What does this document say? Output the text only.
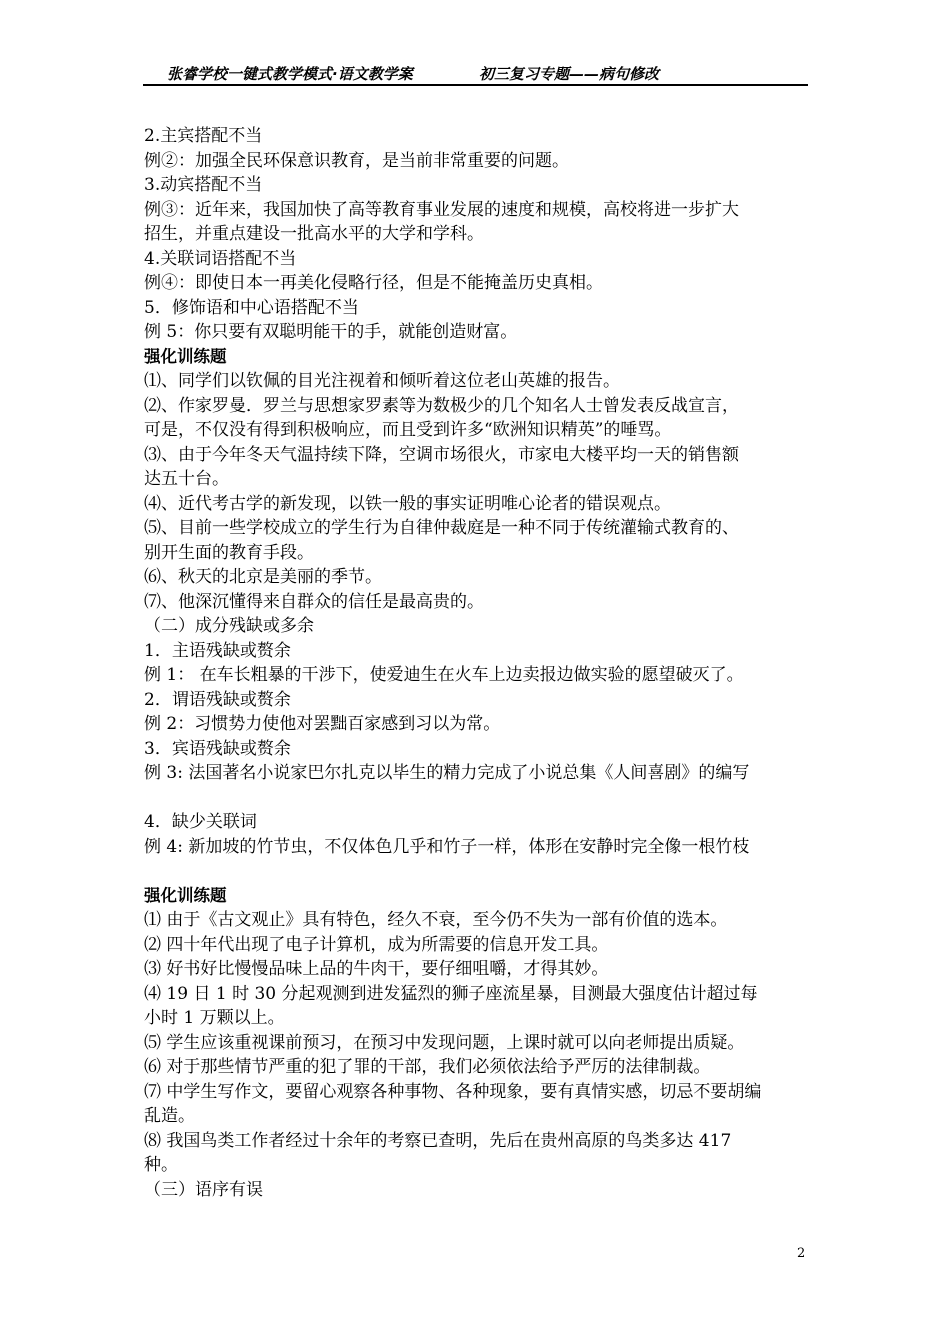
张睿学校一键式教学模式·语文教学案	初三复习专题——病句修改
2.主宾搭配不当
例②：加强全民环保意识教育，是当前非常重要的问题。
3.动宾搭配不当
例③：近年来，我国加快了高等教育事业发展的速度和规模，高校将进一步扩大
招生，并重点建设一批高水平的大学和学科。
4.关联词语搭配不当
例④：即使日本一再美化侵略行径，但是不能掩盖历史真相。
5．修饰语和中心语搭配不当
例 5：你只要有双聪明能干的手，就能创造财富。
强化训练题
⑴、同学们以钦佩的目光注视着和倾听着这位老山英雄的报告。
⑵、作家罗曼．罗兰与思想家罗素等为数极少的几个知名人士曾发表反战宣言，
可是，不仅没有得到积极响应，而且受到许多“欧洲知识精英”的唾骂。
⑶、由于今年冬天气温持续下降，空调市场很火，市家电大楼平均一天的销售额
达五十台。
⑷、近代考古学的新发现，以铁一般的事实证明唯心论者的错误观点。
⑸、目前一些学校成立的学生行为自律仲裁庭是一种不同于传统灌输式教育的、
别开生面的教育手段。
⑹、秋天的北京是美丽的季节。
⑺、他深沉懂得来自群众的信任是最高贵的。
（二）成分残缺或多余
1．主语残缺或赘余
例 1： 在车长粗暴的干涉下，使爱迪生在火车上边卖报边做实验的愿望破灭了。
2．谓语残缺或赘余
例 2：习惯势力使他对罢黜百家感到习以为常。
3．宾语残缺或赘余
例 3: 法国著名小说家巴尔扎克以毕生的精力完成了小说总集《人间喜剧》的编写
4．缺少关联词
例 4: 新加坡的竹节虫，不仅体色几乎和竹子一样，体形在安静时完全像一根竹枝
强化训练题
⑴ 由于《古文观止》具有特色，经久不衰，至今仍不失为一部有价值的选本。
⑵ 四十年代出现了电子计算机，成为所需要的信息开发工具。
⑶ 好书好比慢慢品味上品的牛肉干，要仔细咀嚼，才得其妙。
⑷ 19 日 1 时 30 分起观测到进发猛烈的狮子座流星暴，目测最大强度估计超过每
小时 1 万颗以上。
⑸ 学生应该重视课前预习，在预习中发现问题，上课时就可以向老师提出质疑。
⑹ 对于那些情节严重的犯了罪的干部，我们必须依法给予严厉的法律制裁。
⑺ 中学生写作文，要留心观察各种事物、各种现象，要有真情实感，切忌不要胡编
乱造。
⑻ 我国鸟类工作者经过十余年的考察已查明，先后在贵州高原的鸟类多达 417
种。
（三）语序有误
2
